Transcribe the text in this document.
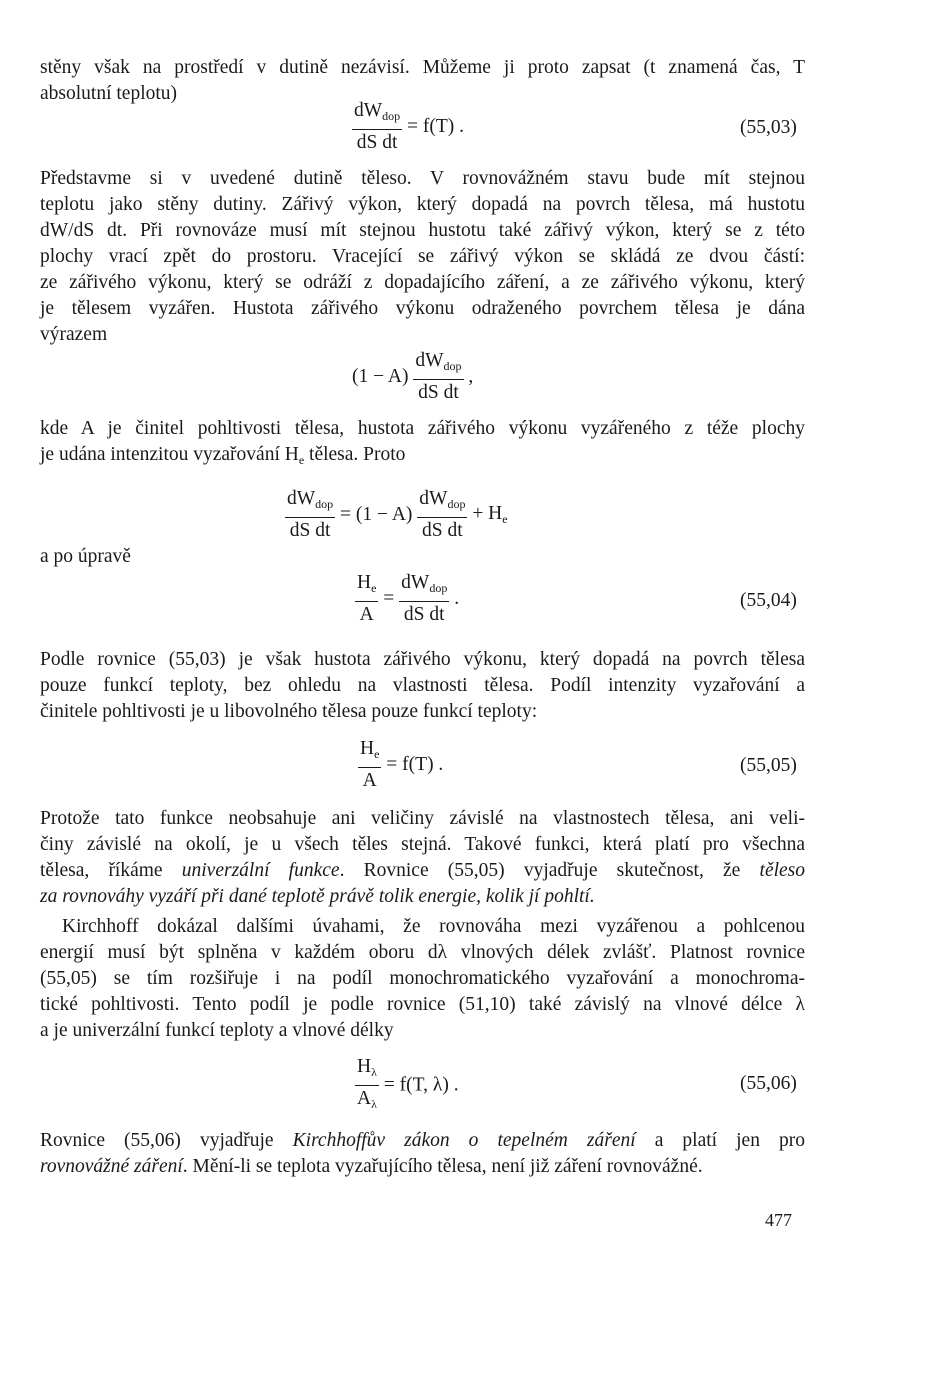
stěny však na prostředí v dutině nezávisí. Můžeme ji proto zapsat (t znamená čas, T
absolutní teplotu)
$\frac{dW_{dop}}{\text{dS dt}} = f(T)$ .	(55,03)
Představme si v uvedené dutině těleso. V rovnovážném stavu bude mít stejnou
teplotu jako stěny dutiny. Zářivý výkon, který dopadá na povrch tělesa, má hustotu
dW/dS dt. Při rovnováze musí mít stejnou hustotu také zářivý výkon, který se z této
plochy vrací zpět do prostoru. Vracející se zářivý výkon se skládá ze dvou částí:
ze zářivého výkonu, který se odráží z dopadajícího záření, a ze zářivého výkonu, který
je tělesem vyzářen. Hustota zářivého výkonu odraženého povrchem tělesa je dána
výrazem
$(1 - A) \frac{dW_{dop}}{\text{dS dt}}$ ,
kde A je činitel pohltivosti tělesa, hustota zářivého výkonu vyzářeného z téže plochy
je udána intenzitou vyzařování $H_e$ tělesa. Proto
$\frac{dW_{dop}}{\text{dS dt}} = (1 - A) \frac{dW_{dop}}{\text{dS dt}} + H_e$
a po úpravě
$\frac{H_e}{A} = \frac{dW_{dop}}{\text{dS dt}}$ .	(55,04)
Podle rovnice (55,03) je však hustota zářivého výkonu, který dopadá na povrch tělesa
pouze funkcí teploty, bez ohledu na vlastnosti tělesa. Podíl intenzity vyzařování a
činitele pohltivosti je u libovolného tělesa pouze funkcí teploty:
$\frac{H_e}{A} = f(T)$ .	(55,05)
Protože tato funkce neobsahuje ani veličiny závislé na vlastnostech tělesa, ani veli-
činy závislé na okolí, je u všech těles stejná. Takové funkci, která platí pro všechna
tělesa, říkáme univerzální funkce. Rovnice (55,05) vyjadřuje skutečnost, že těleso
za rovnováhy vyzáří při dané teplotě právě tolik energie, kolik jí pohltí.
Kirchhoff dokázal dalšími úvahami, že rovnováha mezi vyzářenou a pohlcenou
energií musí být splněna v každém oboru dλ vlnových délek zvlášť. Platnost rovnice
(55,05) se tím rozšiřuje i na podíl monochromatického vyzařování a monochroma-
tické pohltivosti. Tento podíl je podle rovnice (51,10) také závislý na vlnové délce λ
a je univerzální funkcí teploty a vlnové délky
$\frac{H_\lambda}{A_\lambda} = f(T$, λ) .	(55,06)
Rovnice (55,06) vyjadřuje Kirchhoffův zákon o tepelném záření a platí jen pro
rovnovážné záření. Mění-li se teplota vyzařujícího tělesa, není již záření rovnovážné.
477
